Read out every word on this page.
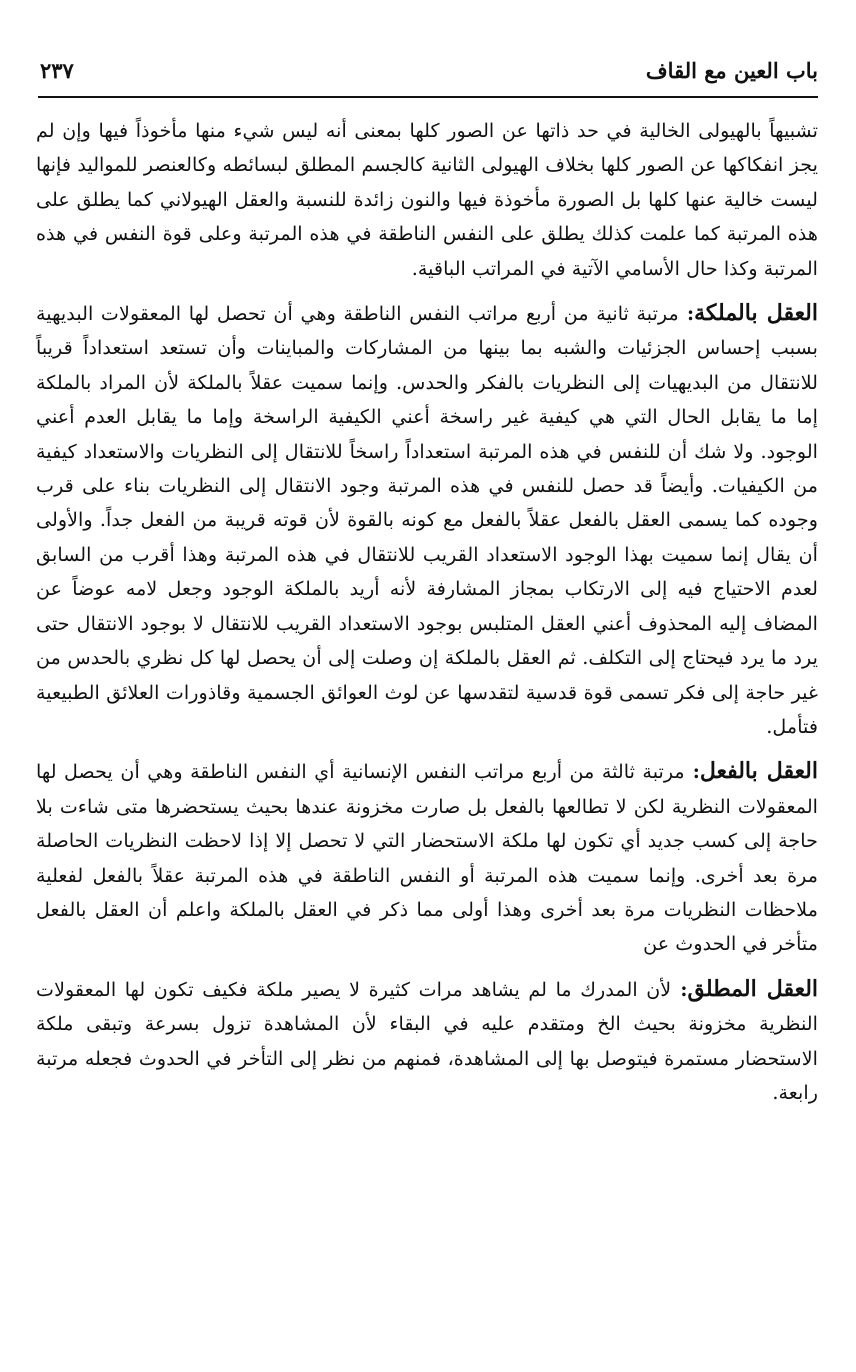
باب العين مع القاف
٢٣٧

تشبيهاً بالهيولى الخالية في حد ذاتها عن الصور كلها بمعنى أنه ليس شيء منها مأخوذاً فيها وإن لم يجز انفكاكها عن الصور كلها بخلاف الهيولى الثانية كالجسم المطلق لبسائطه وكالعنصر للمواليد فإنها ليست خالية عنها كلها بل الصورة مأخوذة فيها والنون زائدة للنسبة والعقل الهيولاني كما يطلق على هذه المرتبة كما علمت كذلك يطلق على النفس الناطقة في هذه المرتبة وعلى قوة النفس في هذه المرتبة وكذا حال الأسامي الآتية في المراتب الباقية.

العقل بالملكة: مرتبة ثانية من أربع مراتب النفس الناطقة وهي أن تحصل لها المعقولات البديهية بسبب إحساس الجزئيات والشبه بما بينها من المشاركات والمباينات وأن تستعد استعداداً قريباً للانتقال من البديهيات إلى النظريات بالفكر والحدس. وإنما سميت عقلاً بالملكة لأن المراد بالملكة إما ما يقابل الحال التي هي كيفية غير راسخة أعني الكيفية الراسخة وإما ما يقابل العدم أعني الوجود. ولا شك أن للنفس في هذه المرتبة استعداداً راسخاً للانتقال إلى النظريات والاستعداد كيفية من الكيفيات. وأيضاً قد حصل للنفس في هذه المرتبة وجود الانتقال إلى النظريات بناء على قرب وجوده كما يسمى العقل بالفعل عقلاً بالفعل مع كونه بالقوة لأن قوته قريبة من الفعل جداً. والأولى أن يقال إنما سميت بهذا الوجود الاستعداد القريب للانتقال في هذه المرتبة وهذا أقرب من السابق لعدم الاحتياج فيه إلى الارتكاب بمجاز المشارفة لأنه أريد بالملكة الوجود وجعل لامه عوضاً عن المضاف إليه المحذوف أعني العقل المتلبس بوجود الاستعداد القريب للانتقال لا بوجود الانتقال حتى يرد ما يرد فيحتاج إلى التكلف. ثم العقل بالملكة إن وصلت إلى أن يحصل لها كل نظري بالحدس من غير حاجة إلى فكر تسمى قوة قدسية لتقدسها عن لوث العوائق الجسمية وقاذورات العلائق الطبيعية فتأمل.

العقل بالفعل: مرتبة ثالثة من أربع مراتب النفس الإنسانية أي النفس الناطقة وهي أن يحصل لها المعقولات النظرية لكن لا تطالعها بالفعل بل صارت مخزونة عندها بحيث يستحضرها متى شاءت بلا حاجة إلى كسب جديد أي تكون لها ملكة الاستحضار التي لا تحصل إلا إذا لاحظت النظريات الحاصلة مرة بعد أخرى. وإنما سميت هذه المرتبة أو النفس الناطقة في هذه المرتبة عقلاً بالفعل لفعلية ملاحظات النظريات مرة بعد أخرى وهذا أولى مما ذكر في العقل بالملكة واعلم أن العقل بالفعل متأخر في الحدوث عن

العقل المطلق: لأن المدرك ما لم يشاهد مرات كثيرة لا يصير ملكة فكيف تكون لها المعقولات النظرية مخزونة بحيث الخ ومتقدم عليه في البقاء لأن المشاهدة تزول بسرعة وتبقى ملكة الاستحضار مستمرة فيتوصل بها إلى المشاهدة، فمنهم من نظر إلى التأخر في الحدوث فجعله مرتبة رابعة.
